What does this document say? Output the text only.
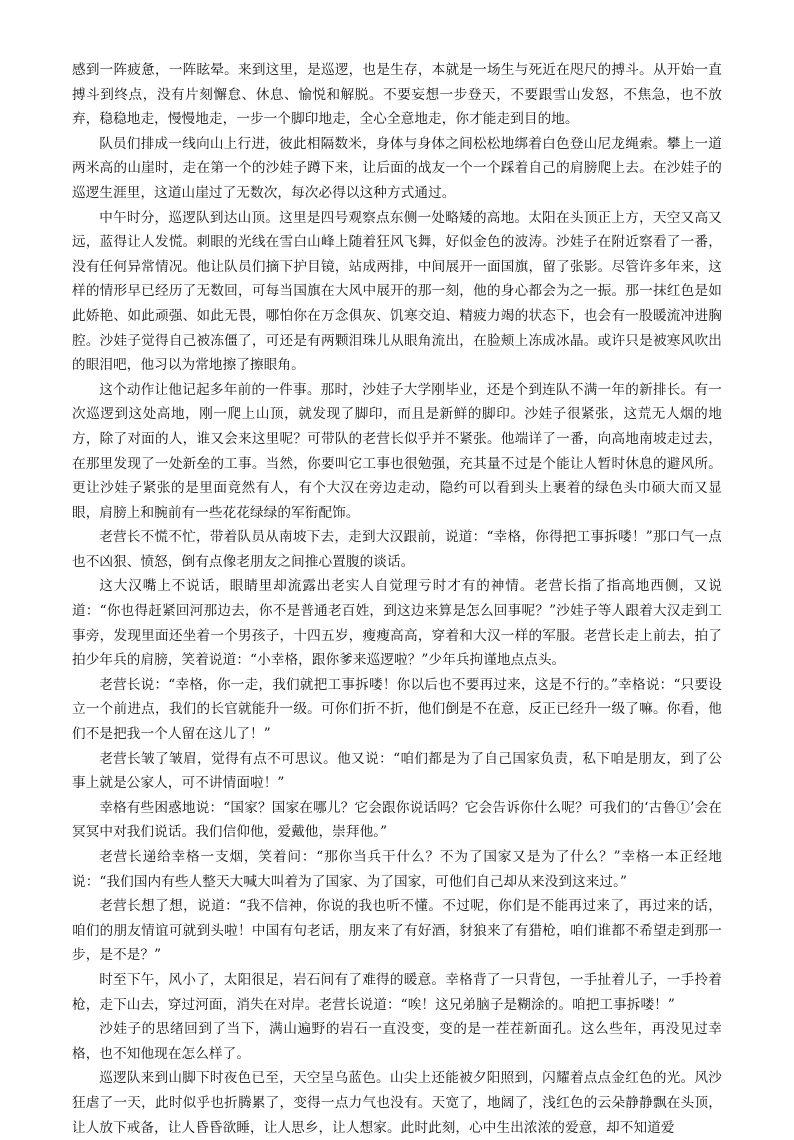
感到一阵疲惫，一阵眩晕。来到这里，是巡逻，也是生存，本就是一场生与死近在咫尺的搏斗。从开始一直搏斗到终点，没有片刻懈怠、休息、愉悦和解脱。不要妄想一步登天，不要跟雪山发怒，不焦急，也不放弃，稳稳地走，慢慢地走，一步一个脚印地走，全心全意地走，你才能走到目的地。

队员们排成一线向山上行进，彼此相隔数米，身体与身体之间松松地绑着白色登山尼龙绳索。攀上一道两米高的山崖时，走在第一个的沙娃子蹲下来，让后面的战友一个一个踩着自己的肩膀爬上去。在沙娃子的巡逻生涯里，这道山崖过了无数次，每次必得以这种方式通过。

中午时分，巡逻队到达山顶。这里是四号观察点东侧一处略矮的高地。太阳在头顶正上方，天空又高又远，蓝得让人发慌。刺眼的光线在雪白山峰上随着狂风飞舞，好似金色的波涛。沙娃子在附近察看了一番，没有任何异常情况。他让队员们摘下护目镜，站成两排，中间展开一面国旗，留了张影。尽管许多年来，这样的情形早已经历了无数回，可每当国旗在大风中展开的那一刻，他的身心都会为之一振。那一抹红色是如此娇艳、如此顽强、如此无畏，哪怕你在万念俱灰、饥寒交迫、精疲力竭的状态下，也会有一股暖流冲进胸腔。沙娃子觉得自己被冻僵了，可还是有两颗泪珠儿从眼角流出，在脸颊上冻成冰晶。或许只是被寒风吹出的眼泪吧，他习以为常地擦了擦眼角。

这个动作让他记起多年前的一件事。那时，沙娃子大学刚毕业，还是个到连队不满一年的新排长。有一次巡逻到这处高地，刚一爬上山顶，就发现了脚印，而且是新鲜的脚印。沙娃子很紧张，这荒无人烟的地方，除了对面的人，谁又会来这里呢？可带队的老营长似乎并不紧张。他端详了一番，向高地南坡走过去，在那里发现了一处新垒的工事。当然，你要叫它工事也很勉强，充其量不过是个能让人暂时休息的避风所。更让沙娃子紧张的是里面竟然有人，有个大汉在旁边走动，隐约可以看到头上裹着的绿色头巾硕大而又显眼，肩膀上和腕前有一些花花绿绿的军衔配饰。

老营长不慌不忙，带着队员从南坡下去，走到大汉跟前，说道：“幸格，你得把工事拆喽！”那口气一点也不凶狠、愤怒，倒有点像老朋友之间推心置腹的谈话。

这大汉嘴上不说话，眼睛里却流露出老实人自觉理亏时才有的神情。老营长指了指高地西侧，又说道：“你也得赶紧回河那边去，你不是普通老百姓，到这边来算是怎么回事呢？”沙娃子等人跟着大汉走到工事旁，发现里面还坐着一个男孩子，十四五岁，瘦瘦高高，穿着和大汉一样的军服。老营长走上前去，拍了拍少年兵的肩膀，笑着说道：“小幸格，跟你爹来巡逻啦？”少年兵拘谨地点点头。

老营长说：“幸格，你一走，我们就把工事拆喽！你以后也不要再过来，这是不行的。”幸格说：“只要设立一个前进点，我们的长官就能升一级。可你们折不折，他们倒是不在意，反正已经升一级了嘛。你看，他们不是把我一个人留在这儿了！”

老营长皱了皱眉，觉得有点不可思议。他又说：“咱们都是为了自己国家负责，私下咱是朋友，到了公事上就是公家人，可不讲情面啦！”

幸格有些困惑地说：“国家？国家在哪儿？它会跟你说话吗？它会告诉你什么呢？可我们的‘古鲁①’会在冥冥中对我们说话。我们信仰他，爱戴他，崇拜他。”

老营长递给幸格一支烟，笑着问：“那你当兵干什么？不为了国家又是为了什么？”幸格一本正经地说：“我们国内有些人整天大喊大叫着为了国家、为了国家，可他们自己却从来没到这来过。”

老营长想了想，说道：“我不信神，你说的我也听不懂。不过呢，你们是不能再过来了，再过来的话，咱们的朋友情谊可就到头啦！中国有句老话，朋友来了有好酒，豺狼来了有猎枪，咱们谁都不希望走到那一步，是不是？”

时至下午，风小了，太阳很足，岩石间有了难得的暖意。幸格背了一只背包，一手扯着儿子，一手拎着枪，走下山去，穿过河面，消失在对岸。老营长说道：“唉！这兄弟脑子是糊涂的。咱把工事拆喽！”

沙娃子的思绪回到了当下，满山遍野的岩石一直没变，变的是一茬茬新面孔。这么些年，再没见过幸格，也不知他现在怎么样了。

巡逻队来到山脚下时夜色已至，天空呈乌蓝色。山尖上还能被夕阳照到，闪耀着点点金红色的光。风沙狂虐了一天，此时似乎也折腾累了，变得一点力气也没有。天宽了，地阔了，浅红色的云朵静静飘在头顶，让人放下戒备，让人昏昏欲睡，让人思乡，让人想家。此时此刻，心中生出浓浓的爱意，却不知道爱
